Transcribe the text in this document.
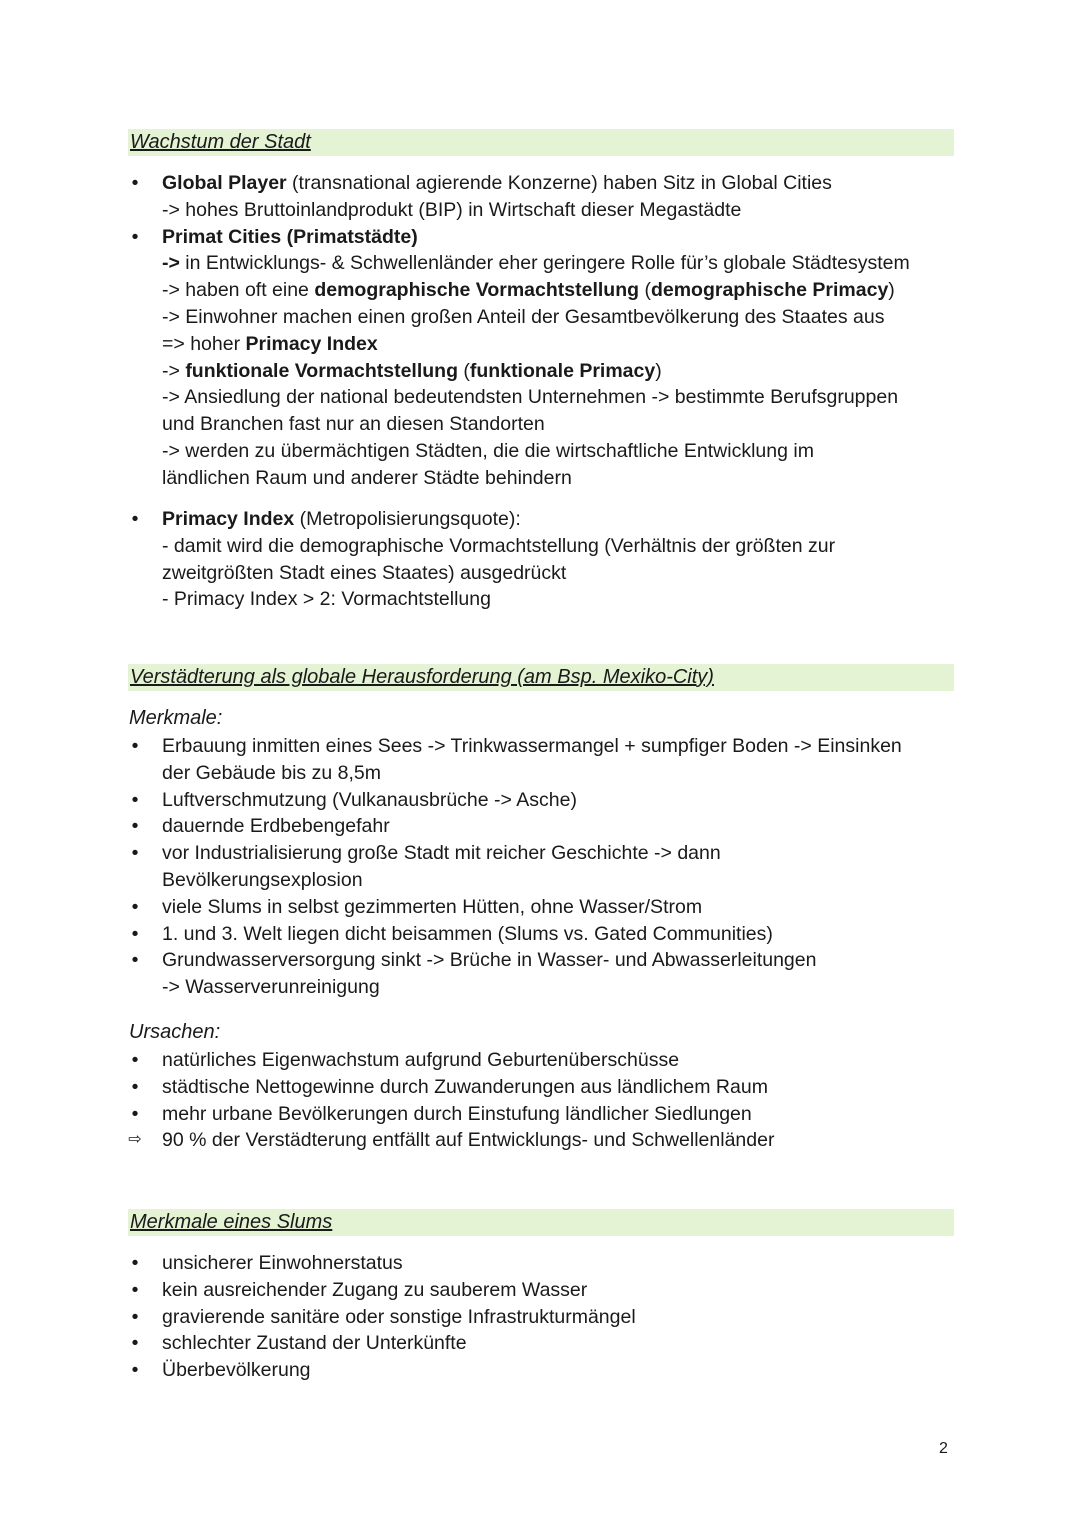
Wachstum der Stadt
• Global Player (transnational agierende Konzerne) haben Sitz in Global Cities
-> hohes Bruttoinlandprodukt (BIP) in Wirtschaft dieser Megastädte
• Primat Cities (Primatstädte)
-> in Entwicklungs- & Schwellenländer eher geringere Rolle für’s globale Städtesystem
-> haben oft eine demographische Vormachtstellung (demographische Primacy)
-> Einwohner machen einen großen Anteil der Gesamtbevölkerung des Staates aus
=> hoher Primacy Index
-> funktionale Vormachtstellung (funktionale Primacy)
-> Ansiedlung der national bedeutendsten Unternehmen -> bestimmte Berufsgruppen
und Branchen fast nur an diesen Standorten
-> werden zu übermächtigen Städten, die die wirtschaftliche Entwicklung im
ländlichen Raum und anderer Städte behindern
• Primacy Index (Metropolisierungsquote):
- damit wird die demographische Vormachtstellung (Verhältnis der größten zur
zweitgrößten Stadt eines Staates) ausgedrückt
- Primacy Index > 2: Vormachtstellung
Verstädterung als globale Herausforderung (am Bsp. Mexiko-City)
Merkmale:
• Erbauung inmitten eines Sees -> Trinkwassermangel + sumpfiger Boden -> Einsinken
der Gebäude bis zu 8,5m
• Luftverschmutzung (Vulkanausbrüche -> Asche)
• dauernde Erdbebengefahr
• vor Industrialisierung große Stadt mit reicher Geschichte -> dann
Bevölkerungsexplosion
• viele Slums in selbst gezimmerten Hütten, ohne Wasser/Strom
• 1. und 3. Welt liegen dicht beisammen (Slums vs. Gated Communities)
• Grundwasserversorgung sinkt -> Brüche in Wasser- und Abwasserleitungen
-> Wasserverunreinigung
Ursachen:
• natürliches Eigenwachstum aufgrund Geburtenüberschüsse
• städtische Nettogewinne durch Zuwanderungen aus ländlichem Raum
• mehr urbane Bevölkerungen durch Einstufung ländlicher Siedlungen
⇨ 90 % der Verstädterung entfällt auf Entwicklungs- und Schwellenländer
Merkmale eines Slums
• unsicherer Einwohnerstatus
• kein ausreichender Zugang zu sauberem Wasser
• gravierende sanitäre oder sonstige Infrastrukturmängel
• schlechter Zustand der Unterkünfte
• Überbevölkerung
2
